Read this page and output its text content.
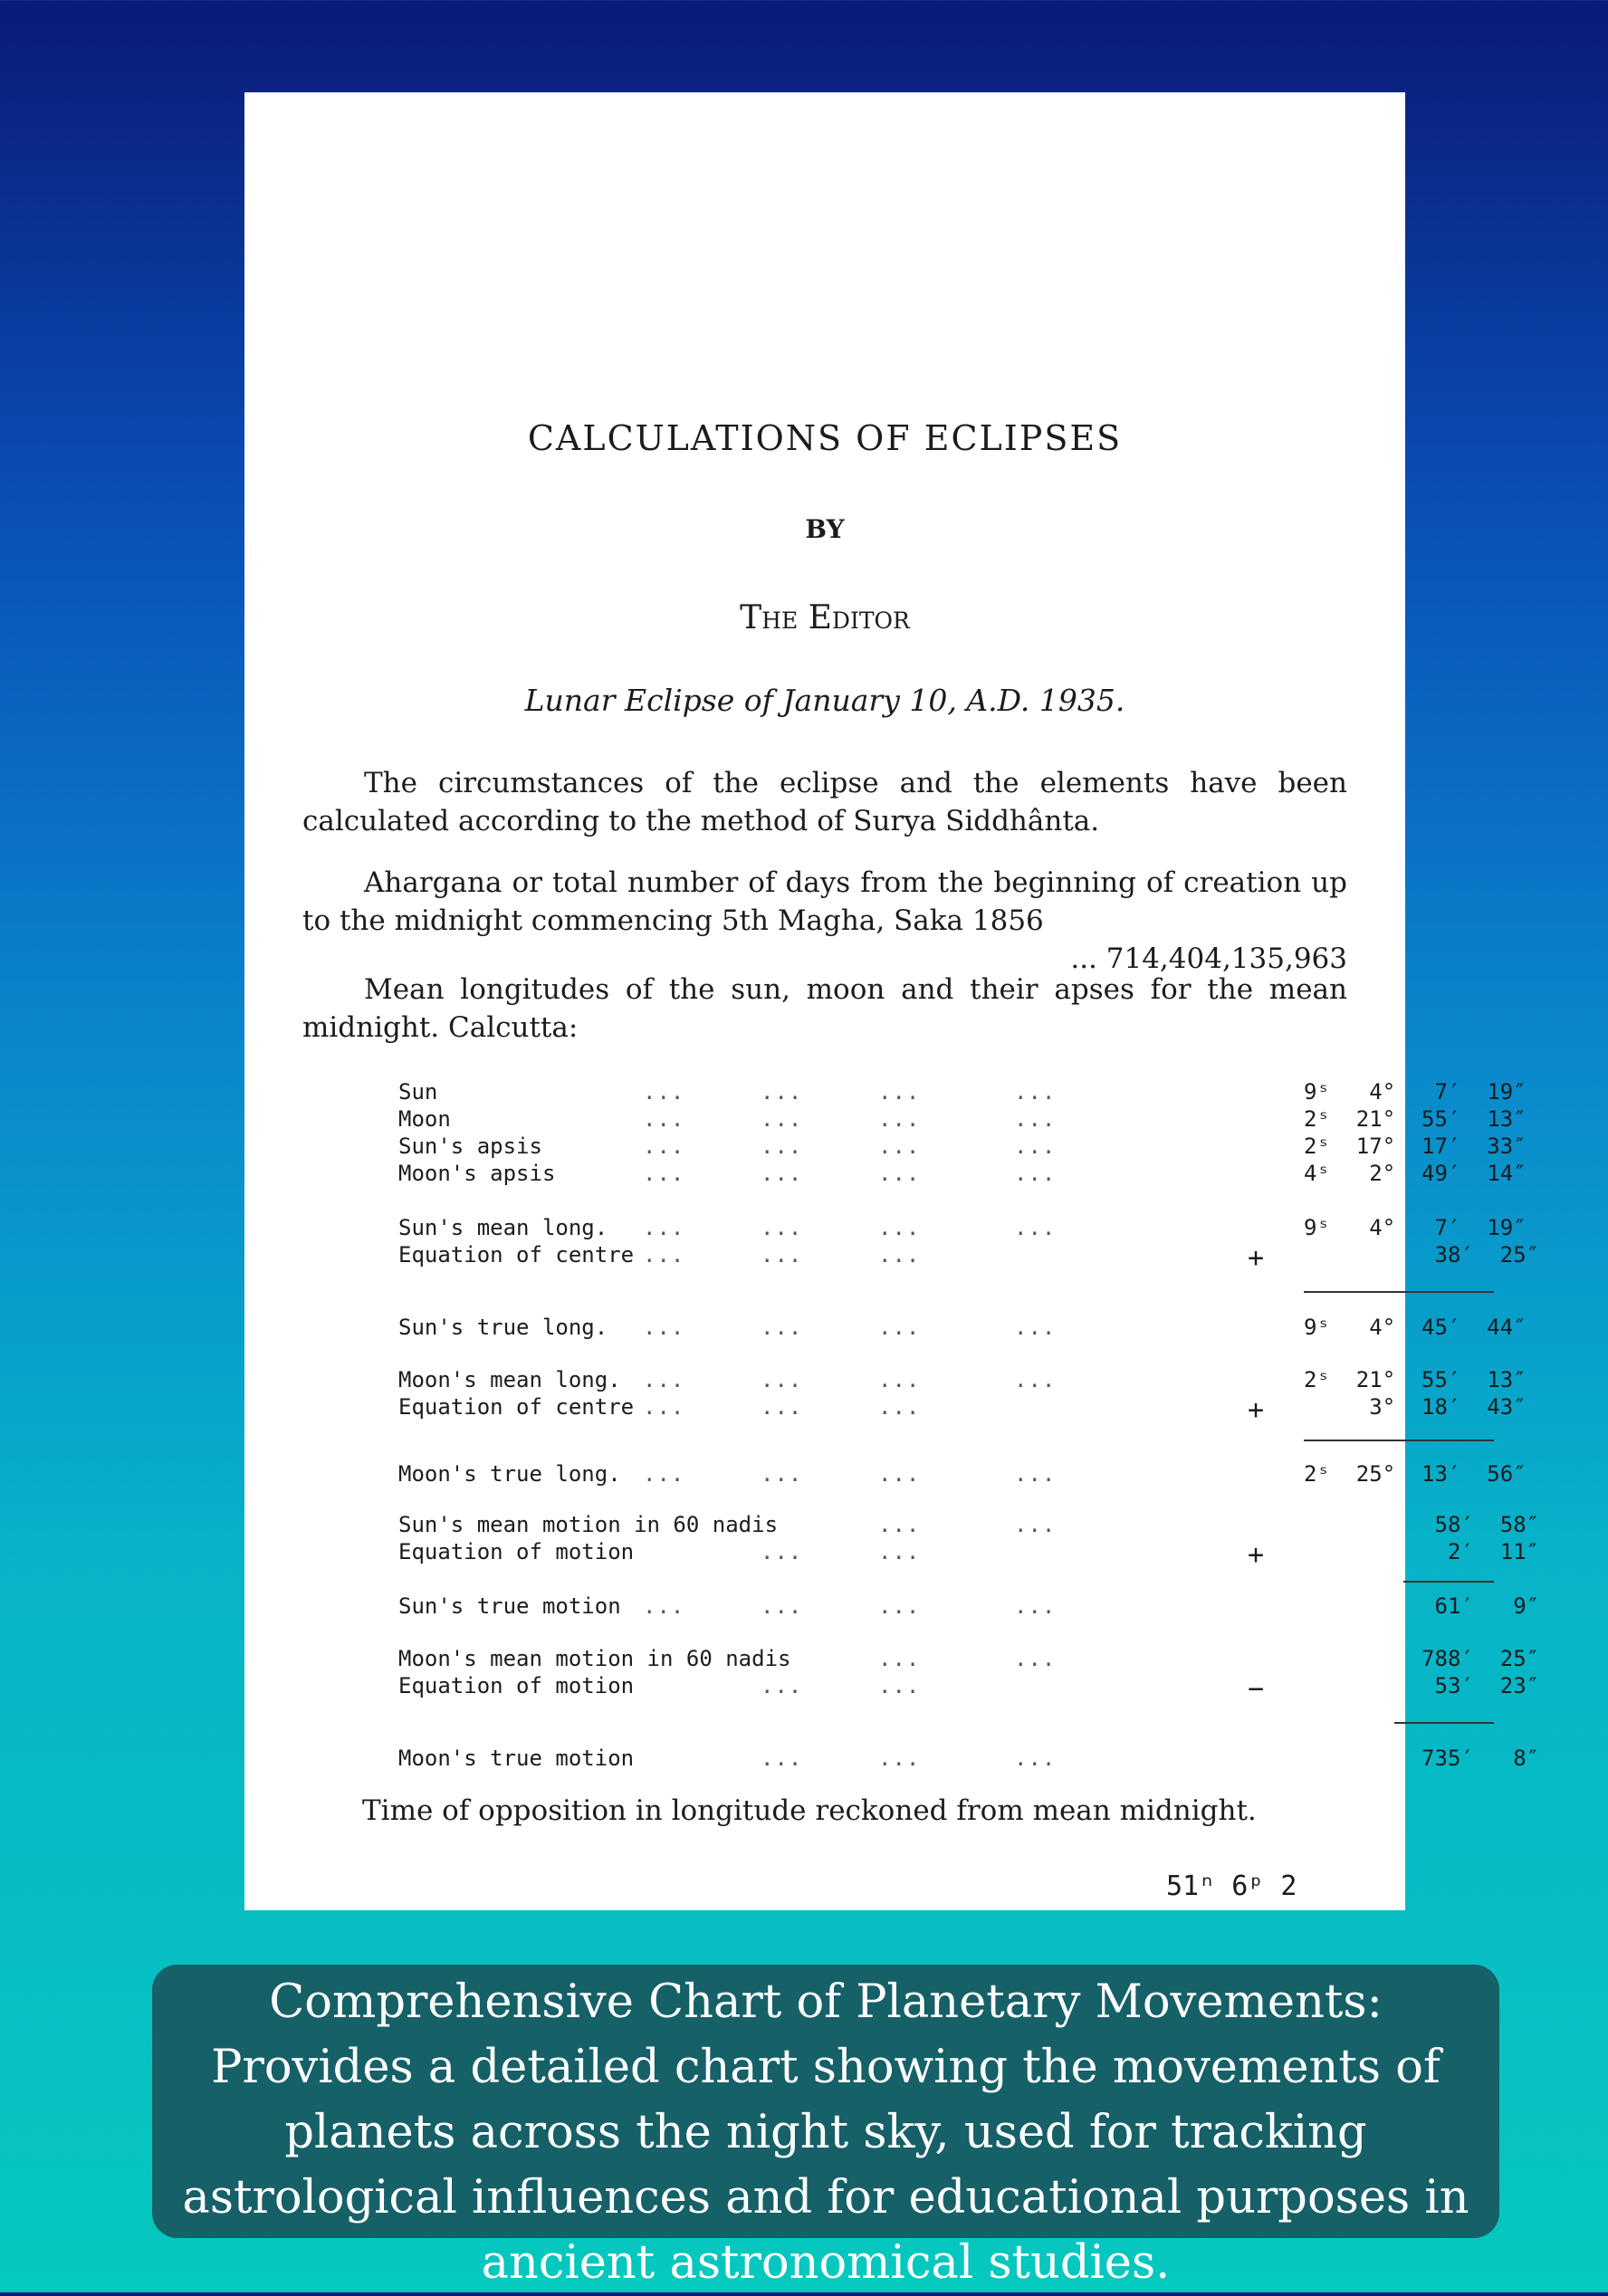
CALCULATIONS OF ECLIPSES
BY
The Editor
Lunar Eclipse of January 10, A.D. 1935.
The circumstances of the eclipse and the elements have been calculated according to the method of Surya Siddhânta.
Ahargana or total number of days from the beginning of creation up to the midnight commencing 5th Magha, Saka 1856
... 714,404,135,963
Mean longitudes of the sun, moon and their apses for the mean midnight. Calcutta:
Sun	...	...	...	...	9ˢ   4°   7′  19″
Moon	...	...	...	...	2ˢ  21°  55′  13″
Sun's apsis	...	...	...	...	2ˢ  17°  17′  33″
Moon's apsis	...	...	...	...	4ˢ   2°  49′  14″
Sun's mean long. ...	...	...	...	9ˢ   4°   7′  19″
Equation of centre ...	...	...	+ 38′  25″
Sun's true long. ...	...	...	...	9ˢ   4°  45′  44″
Moon's mean long. ...	...	...	...	2ˢ  21°  55′  13″
Equation of centre ...	...	...	+ 3°  18′  43″
Moon's true long. ...	...	...	...	2ˢ  25°  13′  56″
Sun's mean motion in 60 nadis	...	...	58′  58″
Equation of motion	...	...	+ 2′  11″
Sun's true motion ...	...	...	...	61′   9″
Moon's mean motion in 60 nadis	...	...	788′  25″
Equation of motion	...	...	− 53′  23″
Moon's true motion	...	...	...	735′   8″
Time of opposition in longitude reckoned from mean midnight.
51ⁿ 6ᵖ 2
Comprehensive Chart of Planetary Movements: Provides a detailed chart showing the movements of planets across the night sky, used for tracking astrological influences and for educational purposes in ancient astronomical studies.
